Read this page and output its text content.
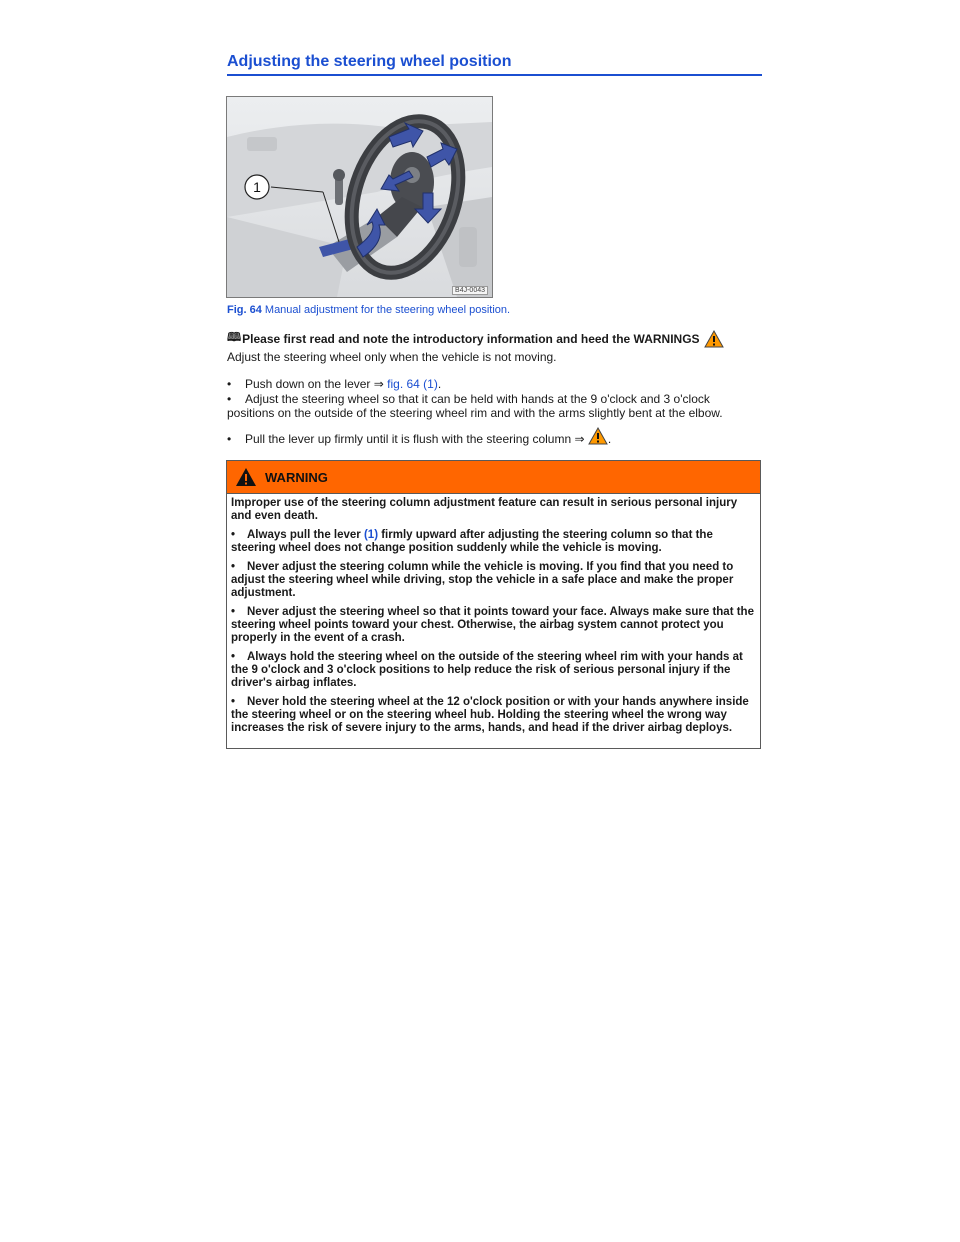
Adjusting the steering wheel position
1
B4J-0043
Fig. 64 Manual adjustment for the steering wheel position.
🕮 Please first read and note the introductory information and heed the WARNINGS
Adjust the steering wheel only when the vehicle is not moving.
• Push down on the lever ⇒ fig. 64 (1).
• Adjust the steering wheel so that it can be held with hands at the 9 o'clock and 3 o'clock positions on the outside of the steering wheel rim and with the arms slightly bent at the elbow.
• Pull the lever up firmly until it is flush with the steering column ⇒ .
WARNING

Improper use of the steering column adjustment feature can result in serious personal injury and even death.

• Always pull the lever (1) firmly upward after adjusting the steering column so that the steering wheel does not change position suddenly while the vehicle is moving.

• Never adjust the steering column while the vehicle is moving. If you find that you need to adjust the steering wheel while driving, stop the vehicle in a safe place and make the proper adjustment.

• Never adjust the steering wheel so that it points toward your face. Always make sure that the steering wheel points toward your chest. Otherwise, the airbag system cannot protect you properly in the event of a crash.

• Always hold the steering wheel on the outside of the steering wheel rim with your hands at the 9 o'clock and 3 o'clock positions to help reduce the risk of serious personal injury if the driver's airbag inflates.

• Never hold the steering wheel at the 12 o'clock position or with your hands anywhere inside the steering wheel or on the steering wheel hub. Holding the steering wheel the wrong way increases the risk of severe injury to the arms, hands, and head if the driver airbag deploys.
